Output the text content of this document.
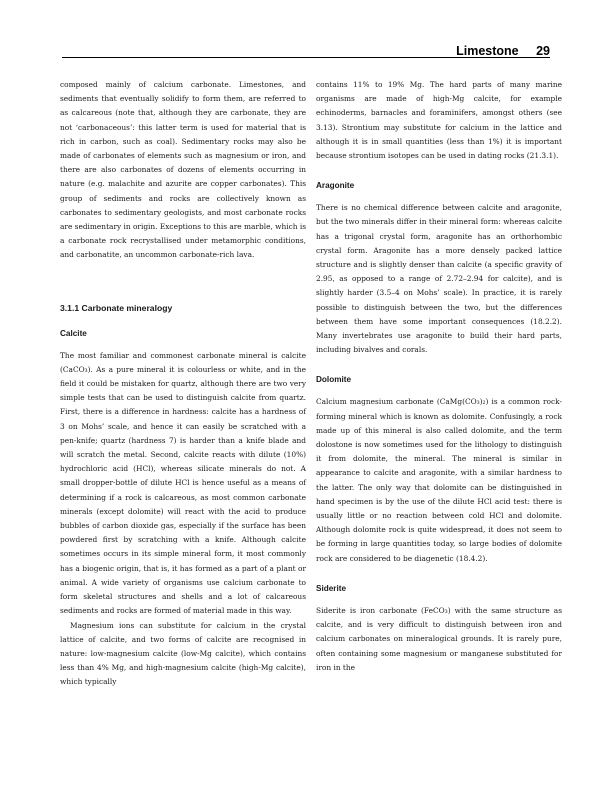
Limestone 29

composed mainly of calcium carbonate. Limestones, and sediments that eventually solidify to form them, are referred to as calcareous (note that, although they are carbonate, they are not ‘carbonaceous’: this latter term is used for material that is rich in carbon, such as coal). Sedimentary rocks may also be made of carbonates of elements such as magnesium or iron, and there are also carbonates of dozens of elements occurring in nature (e.g. malachite and azurite are copper carbonates). This group of sediments and rocks are collectively known as carbonates to sedimentary geologists, and most carbonate rocks are sedimentary in origin. Exceptions to this are marble, which is a carbonate rock recrystallised under metamorphic conditions, and carbonatite, an uncommon carbonate-rich lava.

3.1.1 Carbonate mineralogy
Calcite

The most familiar and commonest carbonate mineral is calcite (CaCO₃). As a pure mineral it is colourless or white, and in the field it could be mistaken for quartz, although there are two very simple tests that can be used to distinguish calcite from quartz. First, there is a difference in hardness: calcite has a hardness of 3 on Mohs’ scale, and hence it can easily be scratched with a pen-knife; quartz (hardness 7) is harder than a knife blade and will scratch the metal. Second, calcite reacts with dilute (10%) hydrochloric acid (HCl), whereas silicate minerals do not. A small dropper-bottle of dilute HCl is hence useful as a means of determining if a rock is calcareous, as most common carbonate minerals (except dolomite) will react with the acid to produce bubbles of carbon dioxide gas, especially if the surface has been powdered first by scratching with a knife. Although calcite sometimes occurs in its simple mineral form, it most commonly has a biogenic origin, that is, it has formed as a part of a plant or animal. A wide variety of organisms use calcium carbonate to form skeletal structures and shells and a lot of calcareous sediments and rocks are formed of material made in this way.

Magnesium ions can substitute for calcium in the crystal lattice of calcite, and two forms of calcite are recognised in nature: low-magnesium calcite (low-Mg calcite), which contains less than 4% Mg, and high-magnesium calcite (high-Mg calcite), which typically

contains 11% to 19% Mg. The hard parts of many marine organisms are made of high-Mg calcite, for example echinoderms, barnacles and foraminifers, amongst others (see 3.13). Strontium may substitute for calcium in the lattice and although it is in small quantities (less than 1%) it is important because strontium isotopes can be used in dating rocks (21.3.1).

Aragonite

There is no chemical difference between calcite and aragonite, but the two minerals differ in their mineral form: whereas calcite has a trigonal crystal form, aragonite has an orthorhombic crystal form. Aragonite has a more densely packed lattice structure and is slightly denser than calcite (a specific gravity of 2.95, as opposed to a range of 2.72–2.94 for calcite), and is slightly harder (3.5–4 on Mohs’ scale). In practice, it is rarely possible to distinguish between the two, but the differences between them have some important consequences (18.2.2). Many invertebrates use aragonite to build their hard parts, including bivalves and corals.

Dolomite

Calcium magnesium carbonate (CaMg(CO₃)₂) is a common rock-forming mineral which is known as dolomite. Confusingly, a rock made up of this mineral is also called dolomite, and the term dolostone is now sometimes used for the lithology to distinguish it from dolomite, the mineral. The mineral is similar in appearance to calcite and aragonite, with a similar hardness to the latter. The only way that dolomite can be distinguished in hand specimen is by the use of the dilute HCl acid test: there is usually little or no reaction between cold HCl and dolomite. Although dolomite rock is quite widespread, it does not seem to be forming in large quantities today, so large bodies of dolomite rock are considered to be diagenetic (18.4.2).

Siderite

Siderite is iron carbonate (FeCO₃) with the same structure as calcite, and is very difficult to distinguish between iron and calcium carbonates on mineralogical grounds. It is rarely pure, often containing some magnesium or manganese substituted for iron in the
